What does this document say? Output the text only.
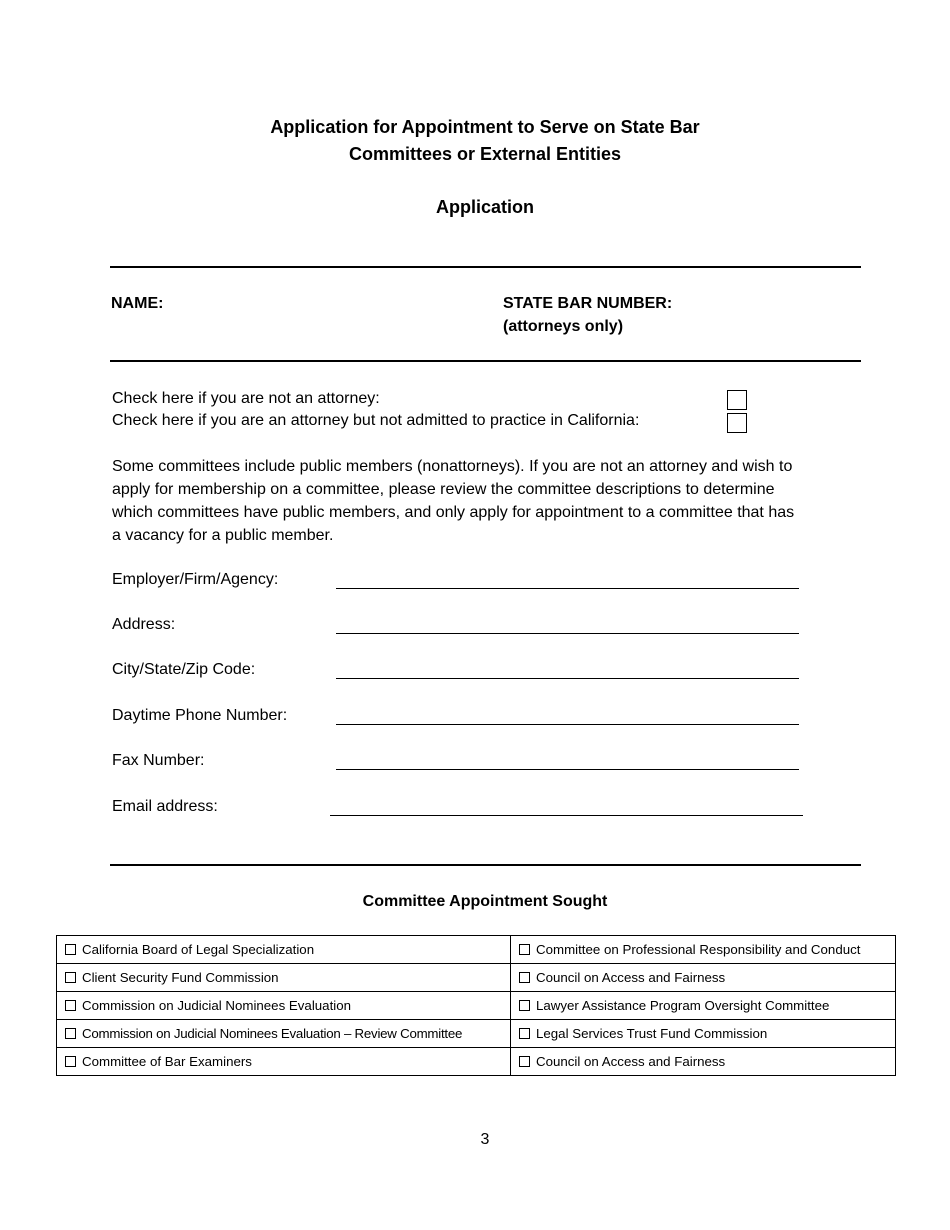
Application for Appointment to Serve on State Bar
Committees or External Entities
Application
NAME:	STATE BAR NUMBER:
(attorneys only)
Check here if you are not an attorney:
Check here if you are an attorney but not admitted to practice in California:
Some committees include public members (nonattorneys). If you are not an attorney and wish to
apply for membership on a committee, please review the committee descriptions to determine
which committees have public members, and only apply for appointment to a committee that has
a vacancy for a public member.
Employer/Firm/Agency:
Address:
City/State/Zip Code:
Daytime Phone Number:
Fax Number:
Email address:
Committee Appointment Sought
California Board of Legal Specialization	Committee on Professional Responsibility and Conduct
Client Security Fund Commission	Council on Access and Fairness
Commission on Judicial Nominees Evaluation	Lawyer Assistance Program Oversight Committee
Commission on Judicial Nominees Evaluation – Review Committee	Legal Services Trust Fund Commission
Committee of Bar Examiners	Council on Access and Fairness
3
